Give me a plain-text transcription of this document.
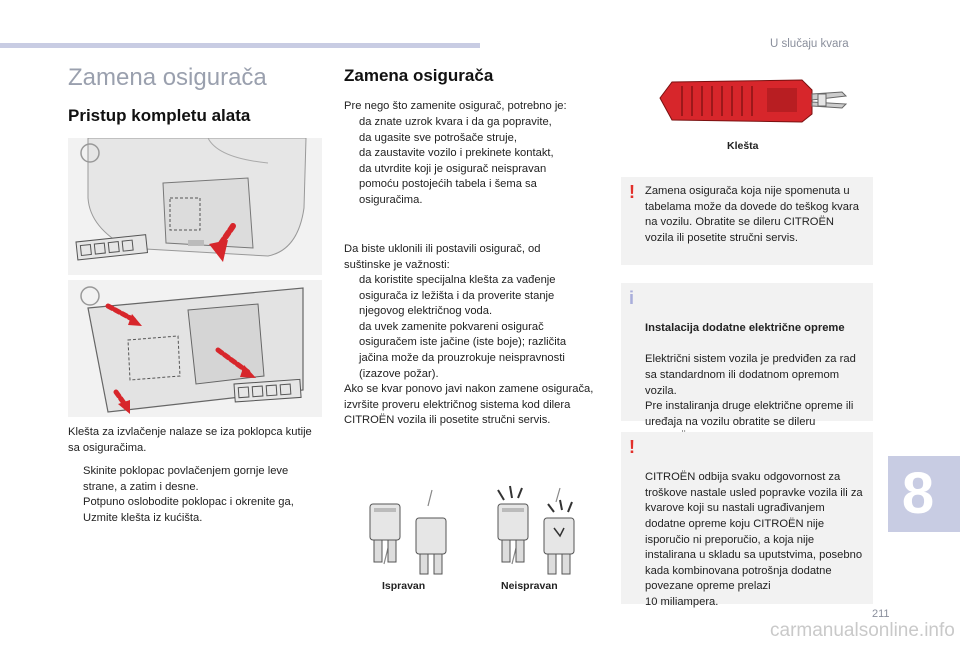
U slučaju kvara
Zamena osigurača
Pristup kompletu alata
Klešta za izvlačenje nalaze se iza poklopca kutije sa osiguračima.
Skinite poklopac povlačenjem gornje leve strane, a zatim i desne.
Potpuno oslobodite poklopac i okrenite ga,
Uzmite klešta iz kućišta.
Zamena osigurača
Pre nego što zamenite osigurač, potrebno je:
da znate uzrok kvara i da ga popravite,
da ugasite sve potrošače struje,
da zaustavite vozilo i prekinete kontakt,
da utvrdite koji je osigurač neispravan pomoću postojećih tabela i šema sa osiguračima.
Da biste uklonili ili postavili osigurač, od suštinske je važnosti:
da koristite specijalna klešta za vađenje osigurača iz ležišta i da proverite stanje njegovog električnog voda.
da uvek zamenite pokvareni osigurač osiguračem iste jačine (iste boje); različita jačina može da prouzrokuje neispravnosti (izazove požar).
Ako se kvar ponovo javi nakon zamene osigurača, izvršite proveru električnog sistema kod dilera CITROËN vozila ili posetite stručni servis.
Ispravan	Neispravan
Klešta
! Zamena osigurača koja nije spomenuta u tabelama može da dovede do teškog kvara na vozilu. Obratite se dileru CITROËN vozila ili posetite stručni servis.

i

Instalacija dodatne električne opreme

Električni sistem vozila je predviđen za rad sa standardnom ili dodatnom opremom vozila.
Pre instaliranja druge električne opreme ili uređaja na vozilu obratite se dileru

!

CITROËN odbija svaku odgovornost za troškove nastale usled popravke vozila ili za kvarove koji su nastali ugrađivanjem dodatne opreme koju CITROËN nije isporučio ni preporučio, a koja nije instalirana u skladu sa uputstvima, posebno kada kombinovana potrošnja dodatne povezane opreme prelazi
10 miliampera.

8
211
carmanualsonline.info
